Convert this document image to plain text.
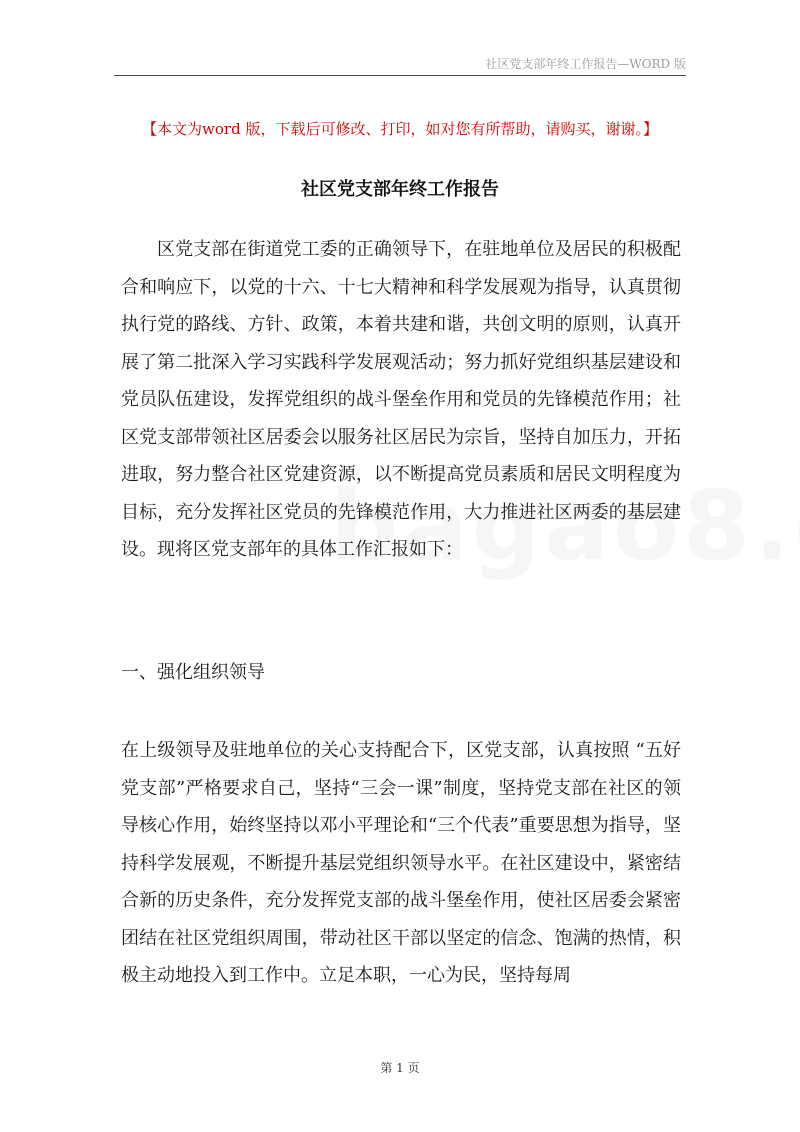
社区党支部年终工作报告—WORD 版
【本文为word 版，下载后可修改、打印，如对您有所帮助，请购买，谢谢。】
社区党支部年终工作报告

区党支部在街道党工委的正确领导下，在驻地单位及居民的积极配合和响应下，以党的十六、十七大精神和科学发展观为指导，认真贯彻执行党的路线、方针、政策，本着共建和谐，共创文明的原则，认真开展了第二批深入学习实践科学发展观活动；努力抓好党组织基层建设和党员队伍建设，发挥党组织的战斗堡垒作用和党员的先锋模范作用；社区党支部带领社区居委会以服务社区居民为宗旨，坚持自加压力，开拓进取，努力整合社区党建资源，以不断提高党员素质和居民文明程度为目标，充分发挥社区党员的先锋模范作用，大力推进社区两委的基层建设。现将区党支部年的具体工作汇报如下：

一、强化组织领导

在上级领导及驻地单位的关心支持配合下，区党支部，认真按照 “五好党支部”严格要求自己，坚持“三会一课”制度，坚持党支部在社区的领导核心作用，始终坚持以邓小平理论和“三个代表”重要思想为指导，坚持科学发展观，不断提升基层党组织领导水平。在社区建设中，紧密结合新的历史条件，充分发挥党支部的战斗堡垒作用，使社区居委会紧密团结在社区党组织周围，带动社区干部以坚定的信念、饱满的热情，积极主动地投入到工作中。立足本职，一心为民，坚持每周

第 1 页
